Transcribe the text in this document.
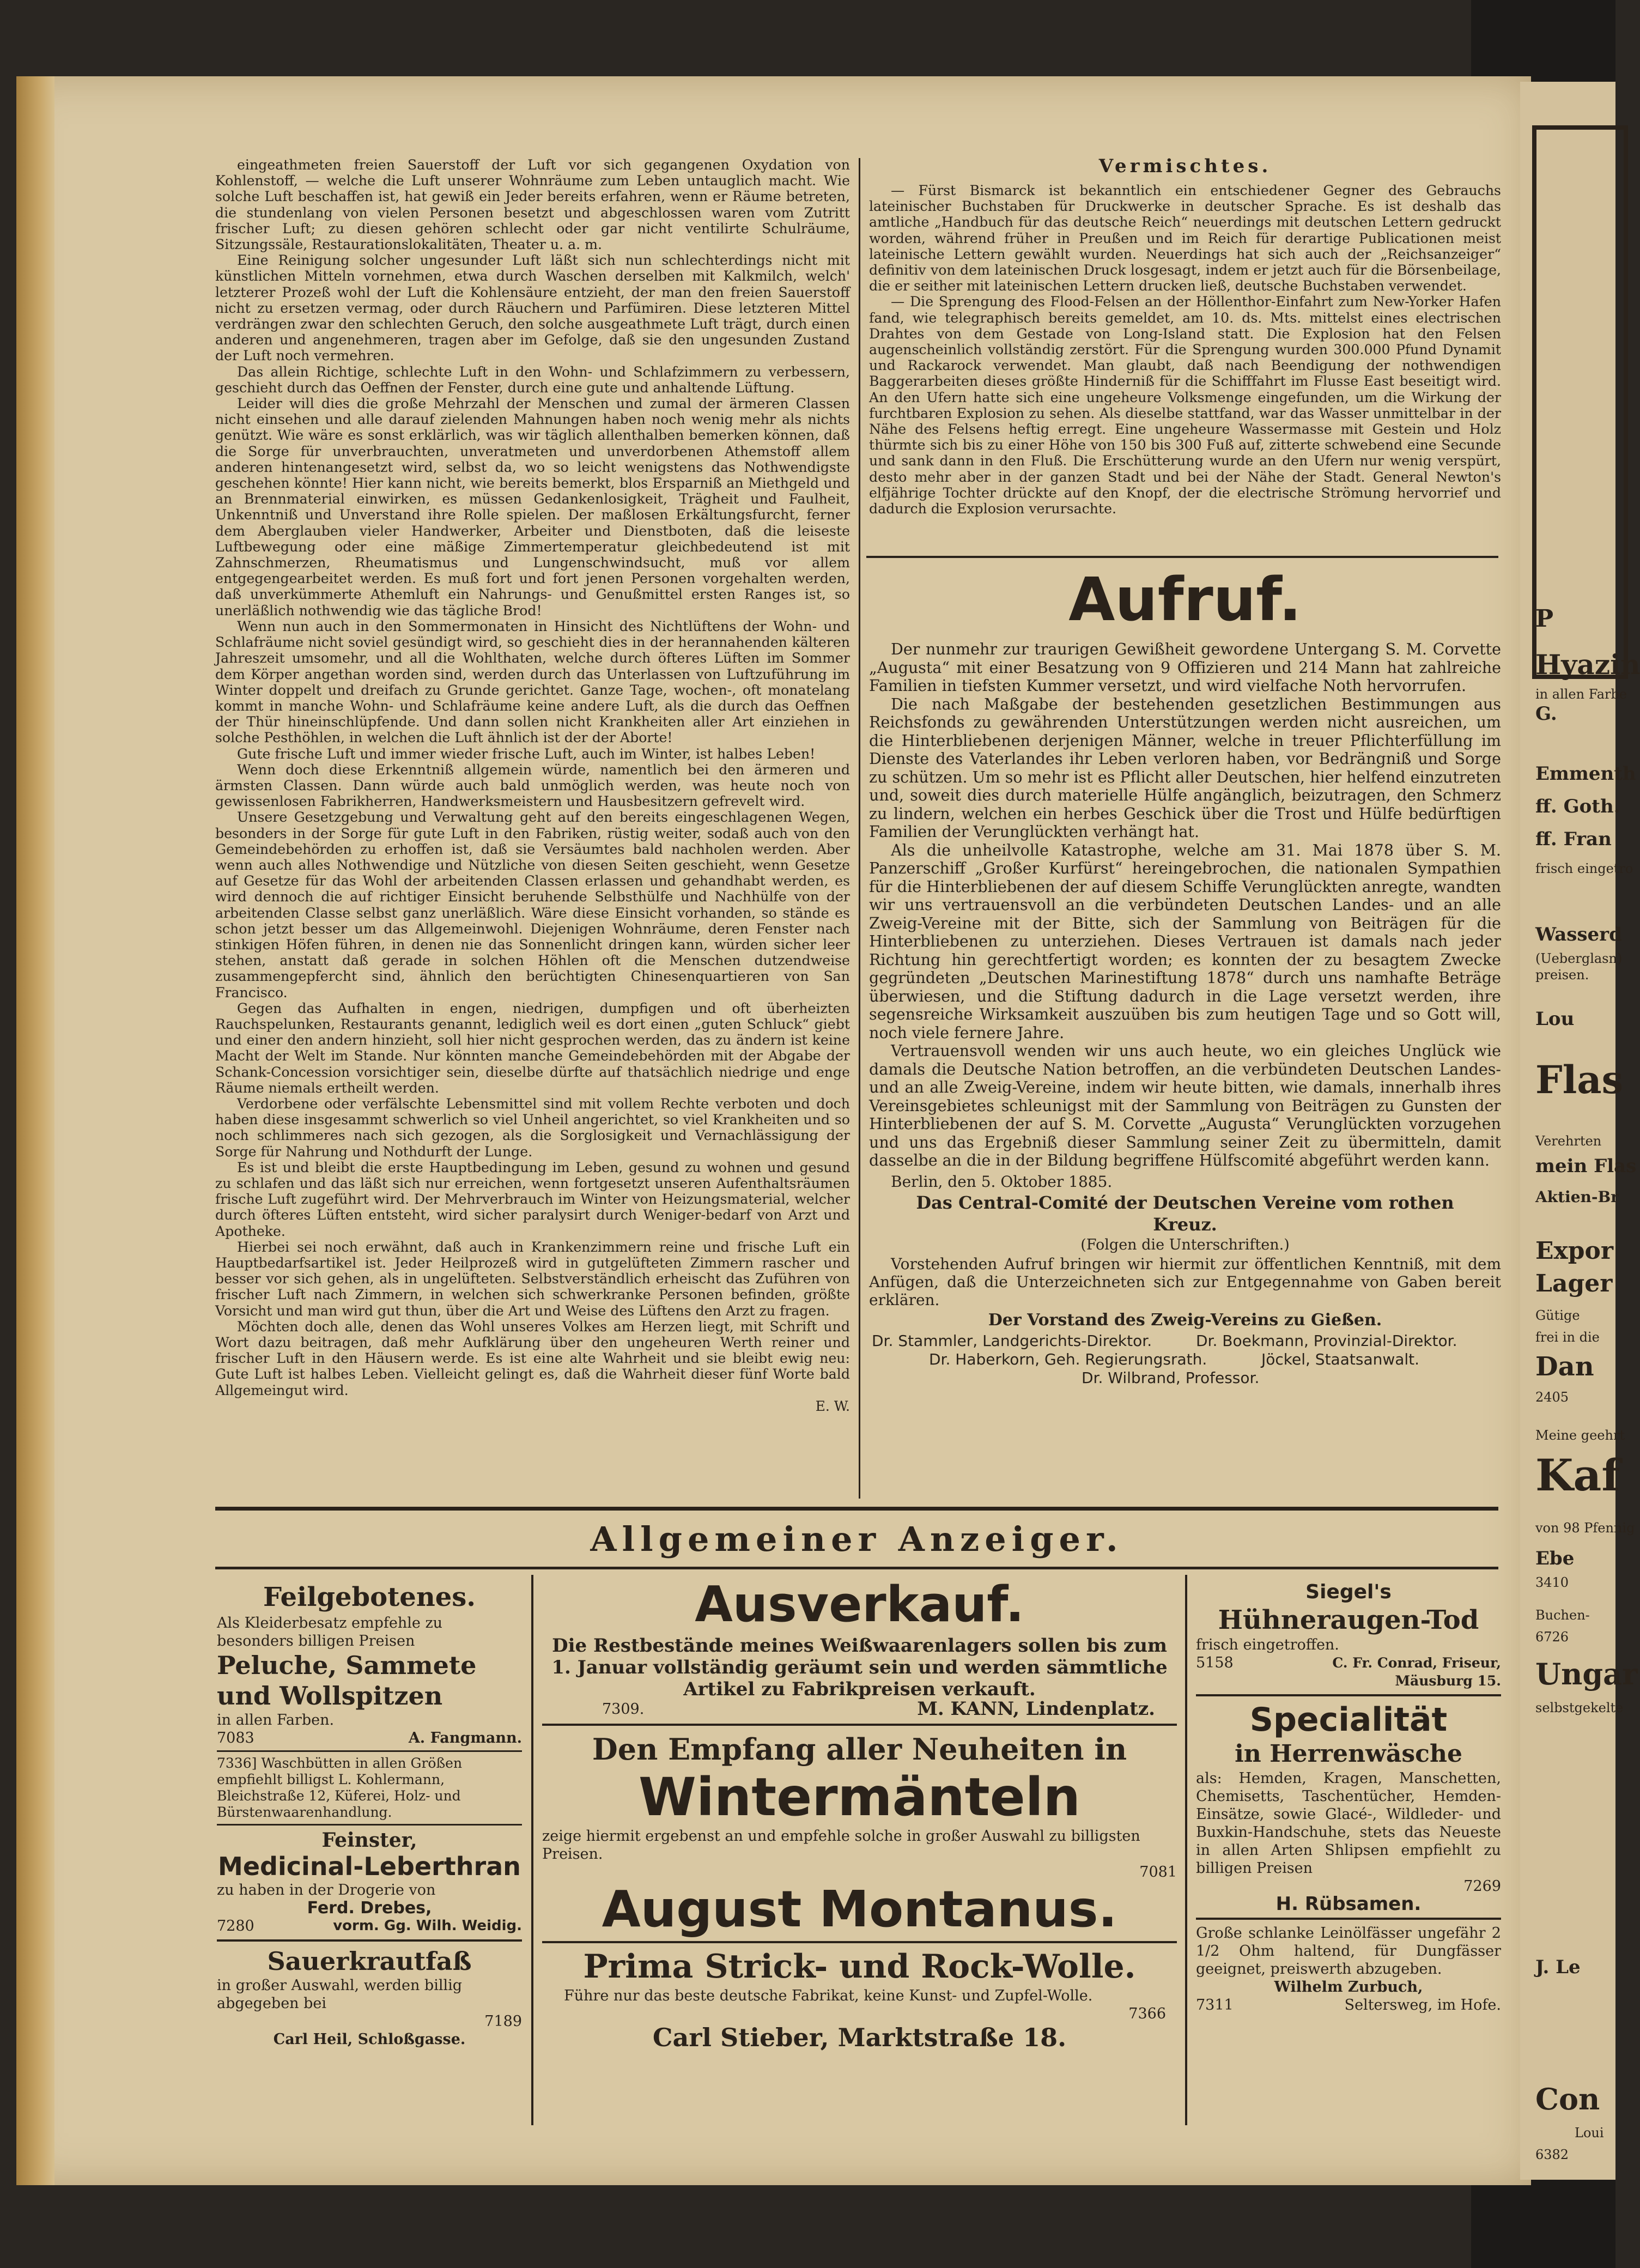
P
Hyazin
in allen Farbe
G.
Emmenth
ff. Goth.
ff. Fran
frisch eingetro
Wasserd
(Ueberglasn)
preisen.
Lou
Flas
Verehrten
mein Flas
Aktien-Br
Expor
Lager
Gütige
frei in die
Dan
2405
Meine geehrt
Kaf
von 98 Pfennig
Ebe
3410
Buchen-
6726
Ungar
selbstgekelte
J. Le
Con
6382
Loui

eingeathmeten freien Sauerstoff der Luft vor sich gegangenen Oxydation von Kohlenstoff, — welche die Luft unserer Wohnräume zum Leben untauglich macht. Wie solche Luft beschaffen ist, hat gewiß ein Jeder bereits erfahren, wenn er Räume betreten, die stundenlang von vielen Personen besetzt und abgeschlossen waren vom Zutritt frischer Luft; zu diesen gehören schlecht oder gar nicht ventilirte Schulräume, Sitzungssäle, Restaurationslokalitäten, Theater u. a. m.

Eine Reinigung solcher ungesunder Luft läßt sich nun schlechterdings nicht mit künstlichen Mitteln vornehmen, etwa durch Waschen derselben mit Kalkmilch, welch' letzterer Prozeß wohl der Luft die Kohlensäure entzieht, der man den freien Sauerstoff nicht zu ersetzen vermag, oder durch Räuchern und Parfümiren. Diese letzteren Mittel verdrängen zwar den schlechten Geruch, den solche ausgeathmete Luft trägt, durch einen anderen und angenehmeren, tragen aber im Gefolge, daß sie den ungesunden Zustand der Luft noch vermehren.

Das allein Richtige, schlechte Luft in den Wohn- und Schlafzimmern zu verbessern, geschieht durch das Oeffnen der Fenster, durch eine gute und anhaltende Lüftung.

Leider will dies die große Mehrzahl der Menschen und zumal der ärmeren Classen nicht einsehen und alle darauf zielenden Mahnungen haben noch wenig mehr als nichts genützt. Wie wäre es sonst erklärlich, was wir täglich allenthalben bemerken können, daß die Sorge für unverbrauchten, unveratmeten und unverdorbenen Athemstoff allem anderen hintenangesetzt wird, selbst da, wo so leicht wenigstens das Nothwendigste geschehen könnte! Hier kann nicht, wie bereits bemerkt, blos Ersparniß an Miethgeld und an Brennmaterial einwirken, es müssen Gedankenlosigkeit, Trägheit und Faulheit, Unkenntniß und Unverstand ihre Rolle spielen. Der maßlosen Erkältungsfurcht, ferner dem Aberglauben vieler Handwerker, Arbeiter und Dienstboten, daß die leiseste Luftbewegung oder eine mäßige Zimmertemperatur gleichbedeutend ist mit Zahnschmerzen, Rheumatismus und Lungenschwindsucht, muß vor allem entgegengearbeitet werden. Es muß fort und fort jenen Personen vorgehalten werden, daß unverkümmerte Athemluft ein Nahrungs- und Genußmittel ersten Ranges ist, so unerläßlich nothwendig wie das tägliche Brod!

Wenn nun auch in den Sommermonaten in Hinsicht des Nichtlüftens der Wohn- und Schlafräume nicht soviel gesündigt wird, so geschieht dies in der herannahenden kälteren Jahreszeit umsomehr, und all die Wohlthaten, welche durch öfteres Lüften im Sommer dem Körper angethan worden sind, werden durch das Unterlassen von Luftzuführung im Winter doppelt und dreifach zu Grunde gerichtet. Ganze Tage, wochen-, oft monatelang kommt in manche Wohn- und Schlafräume keine andere Luft, als die durch das Oeffnen der Thür hineinschlüpfende. Und dann sollen nicht Krankheiten aller Art einziehen in solche Pesthöhlen, in welchen die Luft ähnlich ist der der Aborte!

Gute frische Luft und immer wieder frische Luft, auch im Winter, ist halbes Leben!

Wenn doch diese Erkenntniß allgemein würde, namentlich bei den ärmeren und ärmsten Classen. Dann würde auch bald unmöglich werden, was heute noch von gewissenlosen Fabrikherren, Handwerksmeistern und Hausbesitzern gefrevelt wird.

Unsere Gesetzgebung und Verwaltung geht auf den bereits eingeschlagenen Wegen, besonders in der Sorge für gute Luft in den Fabriken, rüstig weiter, sodaß auch von den Gemeindebehörden zu erhoffen ist, daß sie Versäumtes bald nachholen werden. Aber wenn auch alles Nothwendige und Nützliche von diesen Seiten geschieht, wenn Gesetze auf Gesetze für das Wohl der arbeitenden Classen erlassen und gehandhabt werden, es wird dennoch die auf richtiger Einsicht beruhende Selbsthülfe und Nachhülfe von der arbeitenden Classe selbst ganz unerläßlich. Wäre diese Einsicht vorhanden, so stände es schon jetzt besser um das Allgemeinwohl. Diejenigen Wohnräume, deren Fenster nach stinkigen Höfen führen, in denen nie das Sonnenlicht dringen kann, würden sicher leer stehen, anstatt daß gerade in solchen Höhlen oft die Menschen dutzendweise zusammengepfercht sind, ähnlich den berüchtigten Chinesenquartieren von San Francisco.

Gegen das Aufhalten in engen, niedrigen, dumpfigen und oft überheizten Rauchspelunken, Restaurants genannt, lediglich weil es dort einen „guten Schluck“ giebt und einer den andern hinzieht, soll hier nicht gesprochen werden, das zu ändern ist keine Macht der Welt im Stande. Nur könnten manche Gemeindebehörden mit der Abgabe der Schank-Concession vorsichtiger sein, dieselbe dürfte auf thatsächlich niedrige und enge Räume niemals ertheilt werden.

Verdorbene oder verfälschte Lebensmittel sind mit vollem Rechte verboten und doch haben diese insgesammt schwerlich so viel Unheil angerichtet, so viel Krankheiten und so noch schlimmeres nach sich gezogen, als die Sorglosigkeit und Vernachlässigung der Sorge für Nahrung und Nothdurft der Lunge.

Es ist und bleibt die erste Hauptbedingung im Leben, gesund zu wohnen und gesund zu schlafen und das läßt sich nur erreichen, wenn fortgesetzt unseren Aufenthaltsräumen frische Luft zugeführt wird. Der Mehrverbrauch im Winter von Heizungsmaterial, welcher durch öfteres Lüften entsteht, wird sicher paralysirt durch Weniger-bedarf von Arzt und Apotheke.

Hierbei sei noch erwähnt, daß auch in Krankenzimmern reine und frische Luft ein Hauptbedarfsartikel ist. Jeder Heilprozeß wird in gutgelüfteten Zimmern rascher und besser vor sich gehen, als in ungelüfteten. Selbstverständlich erheischt das Zuführen von frischer Luft nach Zimmern, in welchen sich schwerkranke Personen befinden, größte Vorsicht und man wird gut thun, über die Art und Weise des Lüftens den Arzt zu fragen.

Möchten doch alle, denen das Wohl unseres Volkes am Herzen liegt, mit Schrift und Wort dazu beitragen, daß mehr Aufklärung über den ungeheuren Werth reiner und frischer Luft in den Häusern werde. Es ist eine alte Wahrheit und sie bleibt ewig neu: Gute Luft ist halbes Leben. Vielleicht gelingt es, daß die Wahrheit dieser fünf Worte bald Allgemeingut wird.

E. W.
Vermischtes.

— Fürst Bismarck ist bekanntlich ein entschiedener Gegner des Gebrauchs lateinischer Buchstaben für Druckwerke in deutscher Sprache. Es ist deshalb das amtliche „Handbuch für das deutsche Reich“ neuerdings mit deutschen Lettern gedruckt worden, während früher in Preußen und im Reich für derartige Publicationen meist lateinische Lettern gewählt wurden. Neuerdings hat sich auch der „Reichsanzeiger“ definitiv von dem lateinischen Druck losgesagt, indem er jetzt auch für die Börsenbeilage, die er seither mit lateinischen Lettern drucken ließ, deutsche Buchstaben verwendet.

— Die Sprengung des Flood-Felsen an der Höllenthor-Einfahrt zum New-Yorker Hafen fand, wie telegraphisch bereits gemeldet, am 10. ds. Mts. mittelst eines electrischen Drahtes von dem Gestade von Long-Island statt. Die Explosion hat den Felsen augenscheinlich vollständig zerstört. Für die Sprengung wurden 300.000 Pfund Dynamit und Rackarock verwendet. Man glaubt, daß nach Beendigung der nothwendigen Baggerarbeiten dieses größte Hinderniß für die Schifffahrt im Flusse East beseitigt wird. An den Ufern hatte sich eine ungeheure Volksmenge eingefunden, um die Wirkung der furchtbaren Explosion zu sehen. Als dieselbe stattfand, war das Wasser unmittelbar in der Nähe des Felsens heftig erregt. Eine ungeheure Wassermasse mit Gestein und Holz thürmte sich bis zu einer Höhe von 150 bis 300 Fuß auf, zitterte schwebend eine Secunde und sank dann in den Fluß. Die Erschütterung wurde an den Ufern nur wenig verspürt, desto mehr aber in der ganzen Stadt und bei der Nähe der Stadt. General Newton's elfjährige Tochter drückte auf den Knopf, der die electrische Strömung hervorrief und dadurch die Explosion verursachte.

Aufruf.

Der nunmehr zur traurigen Gewißheit gewordene Untergang S. M. Corvette „Augusta“ mit einer Besatzung von 9 Offizieren und 214 Mann hat zahlreiche Familien in tiefsten Kummer versetzt, und wird vielfache Noth hervorrufen.

Die nach Maßgabe der bestehenden gesetzlichen Bestimmungen aus Reichsfonds zu gewährenden Unterstützungen werden nicht ausreichen, um die Hinterbliebenen derjenigen Männer, welche in treuer Pflichterfüllung im Dienste des Vaterlandes ihr Leben verloren haben, vor Bedrängniß und Sorge zu schützen. Um so mehr ist es Pflicht aller Deutschen, hier helfend einzutreten und, soweit dies durch materielle Hülfe angänglich, beizutragen, den Schmerz zu lindern, welchen ein herbes Geschick über die Trost und Hülfe bedürftigen Familien der Verunglückten verhängt hat.

Als die unheilvolle Katastrophe, welche am 31. Mai 1878 über S. M. Panzerschiff „Großer Kurfürst“ hereingebrochen, die nationalen Sympathien für die Hinterbliebenen der auf diesem Schiffe Verunglückten anregte, wandten wir uns vertrauensvoll an die verbündeten Deutschen Landes- und an alle Zweig-Vereine mit der Bitte, sich der Sammlung von Beiträgen für die Hinterbliebenen zu unterziehen. Dieses Vertrauen ist damals nach jeder Richtung hin gerechtfertigt worden; es konnten der zu besagtem Zwecke gegründeten „Deutschen Marinestiftung 1878“ durch uns namhafte Beträge überwiesen, und die Stiftung dadurch in die Lage versetzt werden, ihre segensreiche Wirksamkeit auszuüben bis zum heutigen Tage und so Gott will, noch viele fernere Jahre.

Vertrauensvoll wenden wir uns auch heute, wo ein gleiches Unglück wie damals die Deutsche Nation betroffen, an die verbündeten Deutschen Landes- und an alle Zweig-Vereine, indem wir heute bitten, wie damals, innerhalb ihres Vereinsgebietes schleunigst mit der Sammlung von Beiträgen zu Gunsten der Hinterbliebenen der auf S. M. Corvette „Augusta“ Verunglückten vorzugehen und uns das Ergebniß dieser Sammlung seiner Zeit zu übermitteln, damit dasselbe an die in der Bildung begriffene Hülfscomité abgeführt werden kann.

Berlin, den 5. Oktober 1885.
Das Central-Comité der Deutschen Vereine vom rothen Kreuz.
(Folgen die Unterschriften.)

Vorstehenden Aufruf bringen wir hiermit zur öffentlichen Kenntniß, mit dem Anfügen, daß die Unterzeichneten sich zur Entgegennahme von Gaben bereit erklären.

Der Vorstand des Zweig-Vereins zu Gießen.
Dr. Stammler, Landgerichts-Direktor.	Dr. Boekmann, Provinzial-Direktor.
Dr. Haberkorn, Geh. Regierungsrath.	Jöckel, Staatsanwalt.
Dr. Wilbrand, Professor.
Allgemeiner Anzeiger.
Feilgebotenes.
Als Kleiderbesatz empfehle zu besonders billigen Preisen
Peluche, Sammete und Wollspitzen
in allen Farben.
7083	A. Fangmann.
7336] Waschbütten in allen Größen empfiehlt billigst L. Kohlermann, Bleichstraße 12, Küferei, Holz- und Bürstenwaarenhandlung.
Feinster,
Medicinal-Leberthran
zu haben in der Drogerie von
Ferd. Drebes,
7280	vorm. Gg. Wilh. Weidig.
Sauerkrautfaß
in großer Auswahl, werden billig abgegeben bei
7189
Carl Heil, Schloßgasse.
Ausverkauf.
Die Restbestände meines Weißwaarenlagers sollen bis zum 1. Januar vollständig geräumt sein und werden sämmtliche Artikel zu Fabrikpreisen verkauft.
7309.	M. KANN, Lindenplatz.
Den Empfang aller Neuheiten in
Wintermänteln
zeige hiermit ergebenst an und empfehle solche in großer Auswahl zu billigsten Preisen.
7081
August Montanus.
Prima Strick- und Rock-Wolle.
Führe nur das beste deutsche Fabrikat, keine Kunst- und Zupfel-Wolle.
7366
Carl Stieber, Marktstraße 18.
Siegel's
Hühneraugen-Tod
frisch eingetroffen.
5158	C. Fr. Conrad, Friseur, Mäusburg 15.
Specialität
in Herrenwäsche
als: Hemden, Kragen, Manschetten, Chemisetts, Taschentücher, Hemden-Einsätze, sowie Glacé-, Wildleder- und Buxkin-Handschuhe, stets das Neueste in allen Arten Shlipsen empfiehlt zu billigen Preisen
7269
H. Rübsamen.
Große schlanke Leinölfässer ungefähr 2 1/2 Ohm haltend, für Dungfässer geeignet, preiswerth abzugeben.
Wilhelm Zurbuch,
7311	Seltersweg, im Hofe.
